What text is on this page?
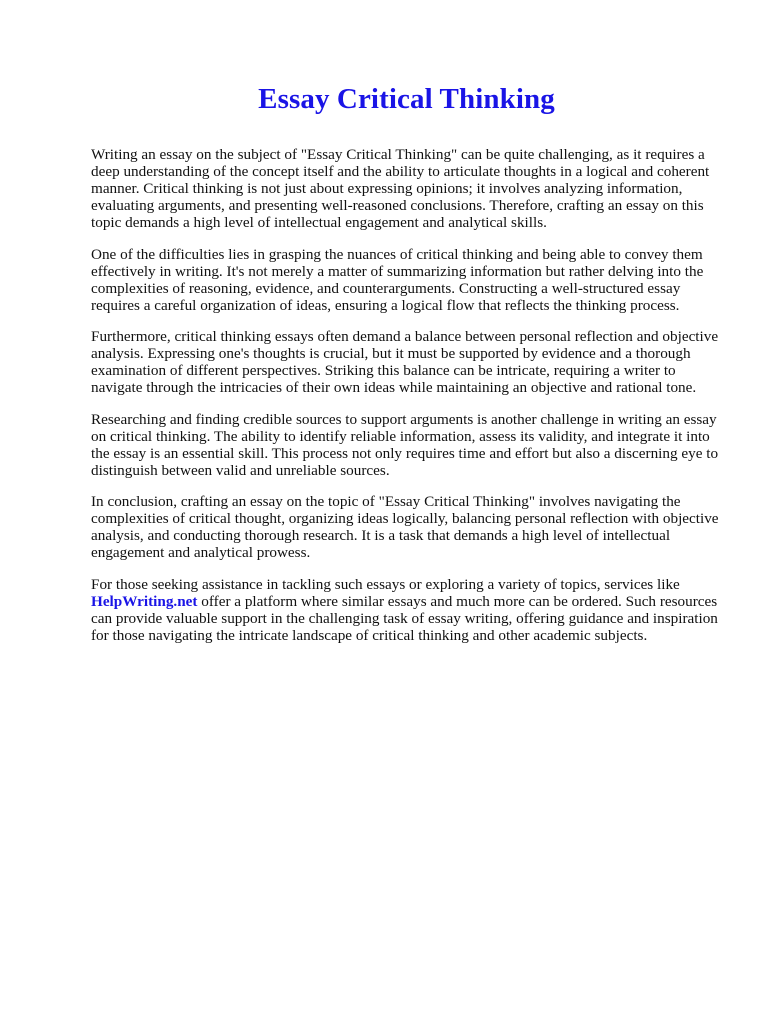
Essay Critical Thinking

Writing an essay on the subject of "Essay Critical Thinking" can be quite challenging, as it requires a deep understanding of the concept itself and the ability to articulate thoughts in a logical and coherent manner. Critical thinking is not just about expressing opinions; it involves analyzing information, evaluating arguments, and presenting well-reasoned conclusions. Therefore, crafting an essay on this topic demands a high level of intellectual engagement and analytical skills.

One of the difficulties lies in grasping the nuances of critical thinking and being able to convey them effectively in writing. It's not merely a matter of summarizing information but rather delving into the complexities of reasoning, evidence, and counterarguments. Constructing a well-structured essay requires a careful organization of ideas, ensuring a logical flow that reflects the thinking process.

Furthermore, critical thinking essays often demand a balance between personal reflection and objective analysis. Expressing one's thoughts is crucial, but it must be supported by evidence and a thorough examination of different perspectives. Striking this balance can be intricate, requiring a writer to navigate through the intricacies of their own ideas while maintaining an objective and rational tone.

Researching and finding credible sources to support arguments is another challenge in writing an essay on critical thinking. The ability to identify reliable information, assess its validity, and integrate it into the essay is an essential skill. This process not only requires time and effort but also a discerning eye to distinguish between valid and unreliable sources.

In conclusion, crafting an essay on the topic of "Essay Critical Thinking" involves navigating the complexities of critical thought, organizing ideas logically, balancing personal reflection with objective analysis, and conducting thorough research. It is a task that demands a high level of intellectual engagement and analytical prowess.

For those seeking assistance in tackling such essays or exploring a variety of topics, services like HelpWriting.net offer a platform where similar essays and much more can be ordered. Such resources can provide valuable support in the challenging task of essay writing, offering guidance and inspiration for those navigating the intricate landscape of critical thinking and other academic subjects.
